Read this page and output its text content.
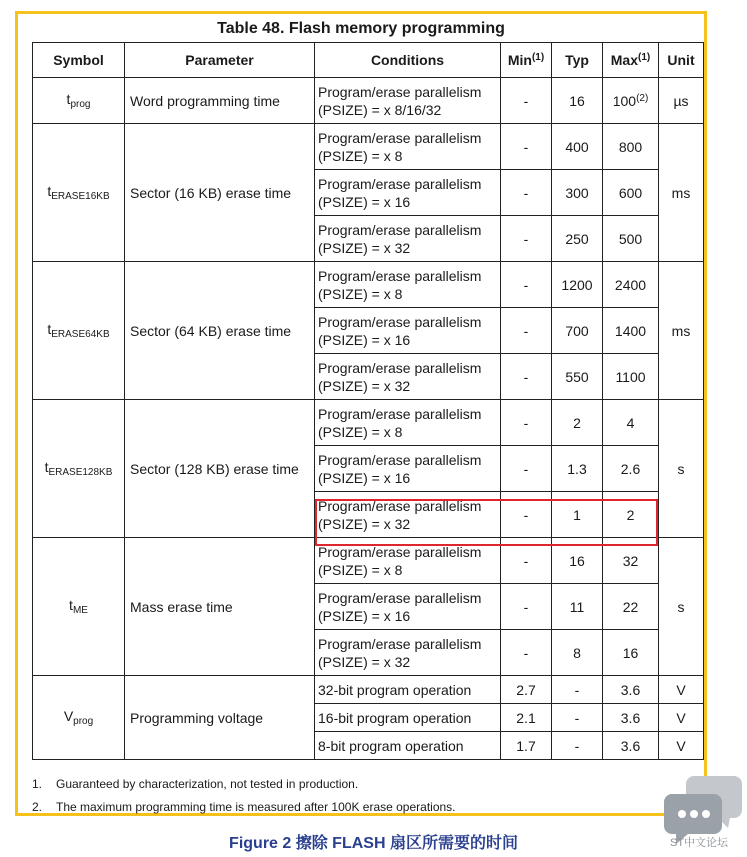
Table 48. Flash memory programming
Symbol	Parameter	Conditions	Min$^{(1)}$	Typ	Max$^{(1)}$	Unit
$t_{prog}$	Word programming time	Program/erase parallelism
(PSIZE) = x 8/16/32	-	16	100$^{(2)}$	µs
$t_{ERASE16KB}$	Sector (16 KB) erase time	Program/erase parallelism
(PSIZE) = x 8	-	400	800	ms

		Program/erase parallelism
(PSIZE) = x 16	-	300	600	

		Program/erase parallelism
(PSIZE) = x 32	-	250	500	
$t_{ERASE64KB}$	Sector (64 KB) erase time	Program/erase parallelism
(PSIZE) = x 8	-	1200	2400	ms

		Program/erase parallelism
(PSIZE) = x 16	-	700	1400	

		Program/erase parallelism
(PSIZE) = x 32	-	550	1100	
$t_{ERASE128KB}$	Sector (128 KB) erase time	Program/erase parallelism
(PSIZE) = x 8	-	2	4	s

		Program/erase parallelism
(PSIZE) = x 16	-	1.3	2.6	

		Program/erase parallelism
(PSIZE) = x 32	-	1	2	
$t_{ME}$	Mass erase time	Program/erase parallelism
(PSIZE) = x 8	-	16	32	s

		Program/erase parallelism
(PSIZE) = x 16	-	11	22	

		Program/erase parallelism
(PSIZE) = x 32	-	8	16	
$V_{prog}$	Programming voltage	32-bit program operation	2.7	-	3.6	V
		16-bit program operation	2.1	-	3.6	V
		8-bit program operation	1.7	-	3.6	V
1. Guaranteed by characterization, not tested in production.
2. The maximum programming time is measured after 100K erase operations.
Figure 2 擦除 FLASH 扇区所需要的时间	ST中文论坛
